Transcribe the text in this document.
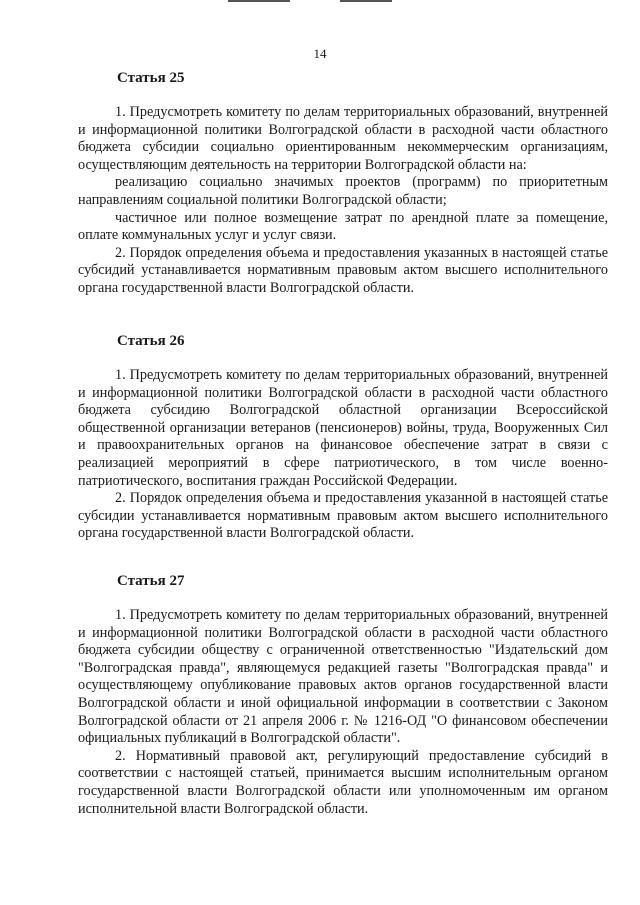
14
Статья 25

1. Предусмотреть комитету по делам территориальных образований, внутренней и информационной политики Волгоградской области в расходной части областного бюджета субсидии социально ориентированным некоммерческим организациям, осуществляющим деятельность на территории Волгоградской области на:

реализацию социально значимых проектов (программ) по приоритетным направлениям социальной политики Волгоградской области;

частичное или полное возмещение затрат по арендной плате за помещение, оплате коммунальных услуг и услуг связи.

2. Порядок определения объема и предоставления указанных в настоящей статье субсидий устанавливается нормативным правовым актом высшего исполнительного органа государственной власти Волгоградской области.

Статья 26

1. Предусмотреть комитету по делам территориальных образований, внутренней и информационной политики Волгоградской области в расходной части областного бюджета субсидию Волгоградской областной организации Всероссийской общественной организации ветеранов (пенсионеров) войны, труда, Вооруженных Сил и правоохранительных органов на финансовое обеспечение затрат в связи с реализацией мероприятий в сфере патриотического, в том числе военно-патриотического, воспитания граждан Российской Федерации.

2. Порядок определения объема и предоставления указанной в настоящей статье субсидии устанавливается нормативным правовым актом высшего исполнительного органа государственной власти Волгоградской области.

Статья 27

1. Предусмотреть комитету по делам территориальных образований, внутренней и информационной политики Волгоградской области в расходной части областного бюджета субсидии обществу с ограниченной ответственностью "Издательский дом "Волгоградская правда", являющемуся редакцией газеты "Волгоградская правда" и осуществляющему опубликование правовых актов органов государственной власти Волгоградской области и иной официальной информации в соответствии с Законом Волгоградской области от 21 апреля 2006 г. № 1216-ОД "О финансовом обеспечении официальных публикаций в Волгоградской области".

2. Нормативный правовой акт, регулирующий предоставление субсидий в соответствии с настоящей статьей, принимается высшим исполнительным органом государственной власти Волгоградской области или уполномоченным им органом исполнительной власти Волгоградской области.
